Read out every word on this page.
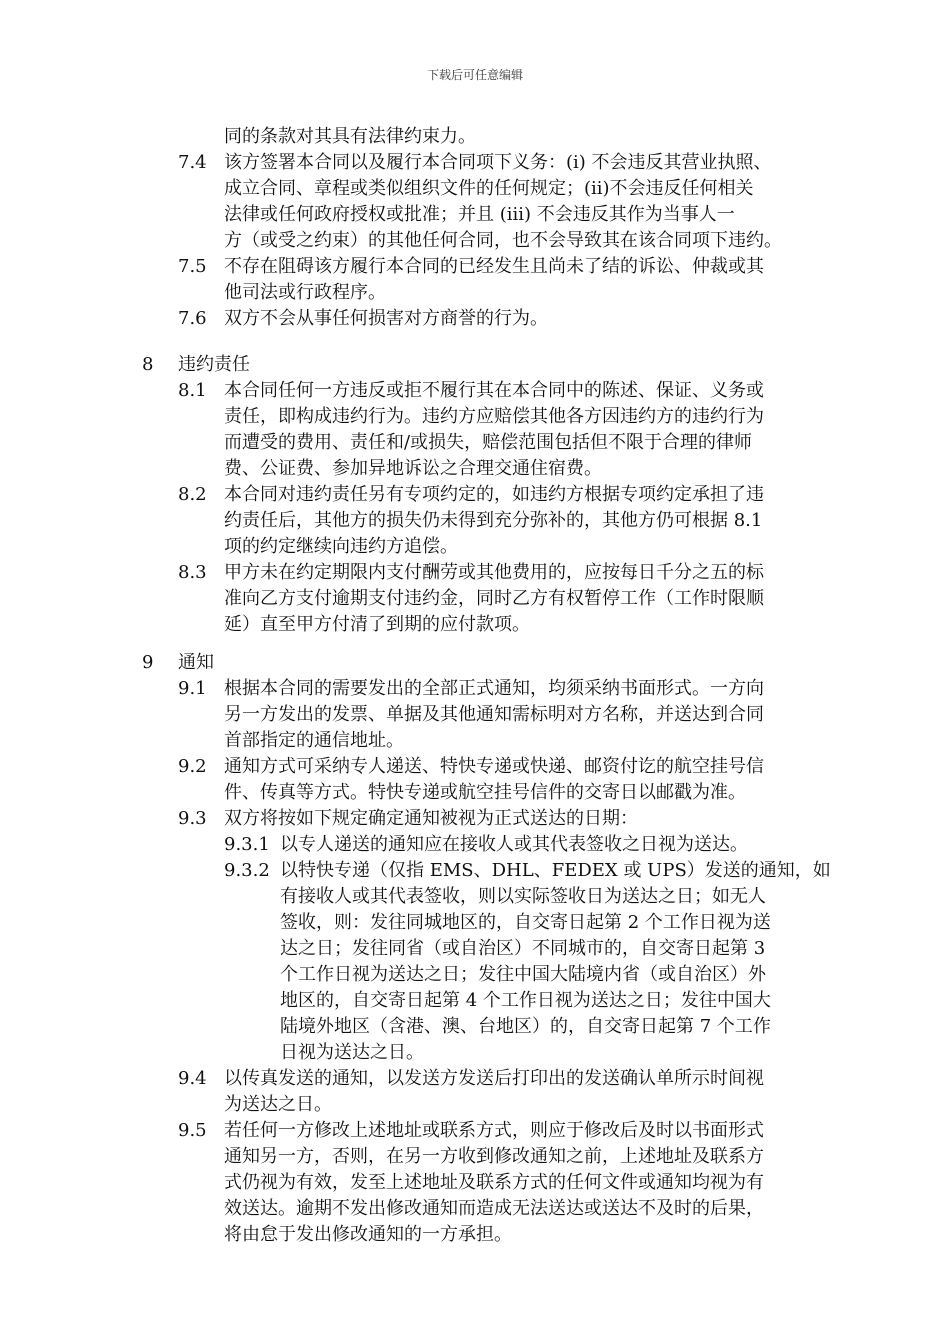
下载后可任意编辑
同的条款对其具有法律约束力。
7.4 该方签署本合同以及履行本合同项下义务：(i) 不会违反其营业执照、
成立合同、章程或类似组织文件的任何规定；(ii)不会违反任何相关
法律或任何政府授权或批准；并且 (iii) 不会违反其作为当事人一
方（或受之约束）的其他任何合同，也不会导致其在该合同项下违约。
7.5 不存在阻碍该方履行本合同的已经发生且尚未了结的诉讼、仲裁或其
他司法或行政程序。
7.6 双方不会从事任何损害对方商誉的行为。
8 违约责任
8.1 本合同任何一方违反或拒不履行其在本合同中的陈述、保证、义务或
责任，即构成违约行为。违约方应赔偿其他各方因违约方的违约行为
而遭受的费用、责任和/或损失，赔偿范围包括但不限于合理的律师
费、公证费、参加异地诉讼之合理交通住宿费。
8.2 本合同对违约责任另有专项约定的，如违约方根据专项约定承担了违
约责任后，其他方的损失仍未得到充分弥补的，其他方仍可根据 8.1
项的约定继续向违约方追偿。
8.3 甲方未在约定期限内支付酬劳或其他费用的，应按每日千分之五的标
准向乙方支付逾期支付违约金，同时乙方有权暂停工作（工作时限顺
延）直至甲方付清了到期的应付款项。
9 通知
9.1 根据本合同的需要发出的全部正式通知，均须采纳书面形式。一方向
另一方发出的发票、单据及其他通知需标明对方名称，并送达到合同
首部指定的通信地址。
9.2 通知方式可采纳专人递送、特快专递或快递、邮资付讫的航空挂号信
件、传真等方式。特快专递或航空挂号信件的交寄日以邮戳为准。
9.3 双方将按如下规定确定通知被视为正式送达的日期：
9.3.1 以专人递送的通知应在接收人或其代表签收之日视为送达。
9.3.2 以特快专递（仅指 EMS、DHL、FEDEX 或 UPS）发送的通知，如
有接收人或其代表签收，则以实际签收日为送达之日；如无人
签收，则：发往同城地区的，自交寄日起第 2 个工作日视为送
达之日；发往同省（或自治区）不同城市的，自交寄日起第 3
个工作日视为送达之日；发往中国大陆境内省（或自治区）外
地区的，自交寄日起第 4 个工作日视为送达之日；发往中国大
陆境外地区（含港、澳、台地区）的，自交寄日起第 7 个工作
日视为送达之日。
9.4 以传真发送的通知，以发送方发送后打印出的发送确认单所示时间视
为送达之日。
9.5 若任何一方修改上述地址或联系方式，则应于修改后及时以书面形式
通知另一方，否则，在另一方收到修改通知之前，上述地址及联系方
式仍视为有效，发至上述地址及联系方式的任何文件或通知均视为有
效送达。逾期不发出修改通知而造成无法送达或送达不及时的后果，
将由怠于发出修改通知的一方承担。
